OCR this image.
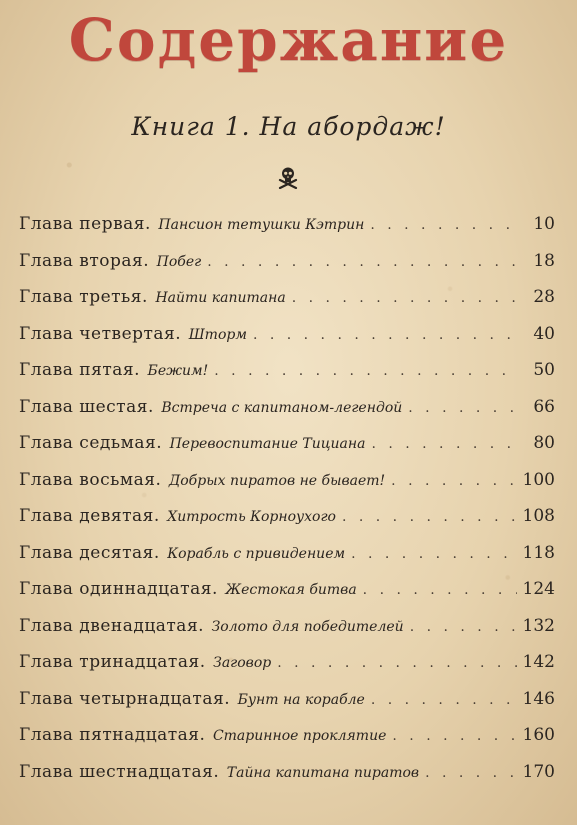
Содержание
Книга 1. На абордаж!
Глава первая . Пансион тетушки Кэтрин . . .	10
Глава вторая . Побег . . .	18
Глава третья . Найти капитана . . .	28
Глава четвертая . Шторм . . .	40
Глава пятая . Бежим! . . .	50
Глава шестая . Встреча с капитаном-легендой . . .	66
Глава седьмая . Перевоспитание Тициана . . .	80
Глава восьмая . Добрых пиратов не бывает! . . .	100
Глава девятая . Хитрость Корноухого . . .	108
Глава десятая . Корабль с привидением . . .	118
Глава одиннадцатая . Жестокая битва . . .	124
Глава двенадцатая . Золото для победителей . . .	132
Глава тринадцатая . Заговор . . .	142
Глава четырнадцатая . Бунт на корабле . . .	146
Глава пятнадцатая . Старинное проклятие . . .	160
Глава шестнадцатая . Тайна капитана пиратов . . .	170
